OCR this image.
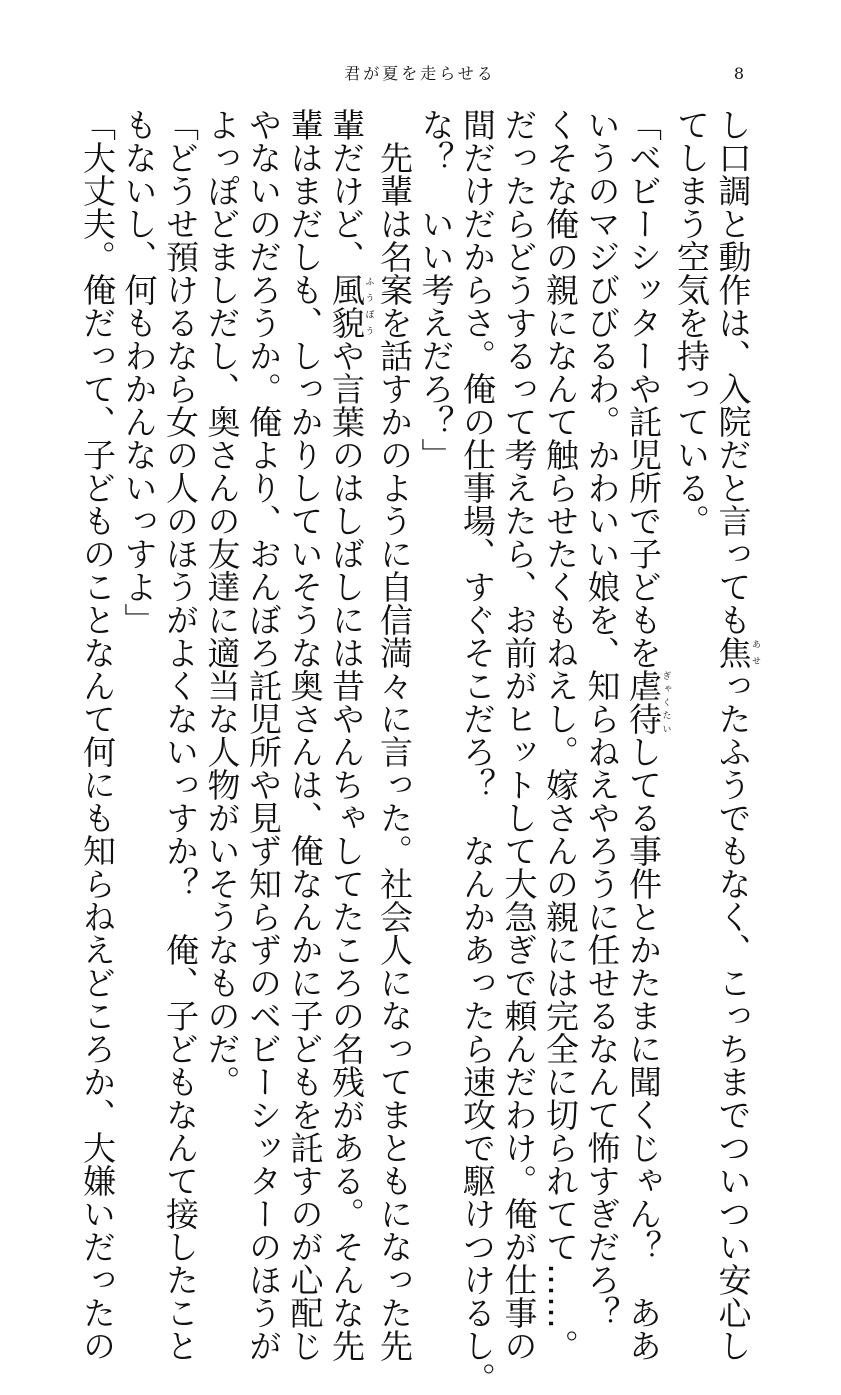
君が夏を走らせる	8
し口調と動作は、入院だと言っても焦あせったふうでもなく、こっちまでついつい安心し
てしまう空気を持っている。
「ベビーシッターや託児所で子どもを虐待ぎゃくたいしてる事件とかたまに聞くじゃん？　ああ
いうのマジびびるわ。かわいい娘を、知らねえやろうに任せるなんて怖すぎだろ？
くそな俺の親になんて触らせたくもねえし。嫁さんの親には完全に切られてて……。
だったらどうするって考えたら、お前がヒットして大急ぎで頼んだわけ。俺が仕事の
間だけだからさ。俺の仕事場、すぐそこだろ？　なんかあったら速攻で駆けつけるし。
な？　いい考えだろ？」
　先輩は名案を話すかのように自信満々に言った。社会人になってまともになった先
輩だけど、風貌ふうぼうや言葉のはしばしには昔やんちゃしてたころの名残がある。そんな先
輩はまだしも、しっかりしていそうな奥さんは、俺なんかに子どもを託すのが心配じ
やないのだろうか。俺より、おんぼろ託児所や見ず知らずのベビーシッターのほうが
よっぽどましだし、奥さんの友達に適当な人物がいそうなものだ。
「どうせ預けるなら女の人のほうがよくないっすか？　俺、子どもなんて接したこと
もないし、何もわかんないっすよ」
「大丈夫。俺だって、子どものことなんて何にも知らねえどころか、大嫌いだったの
